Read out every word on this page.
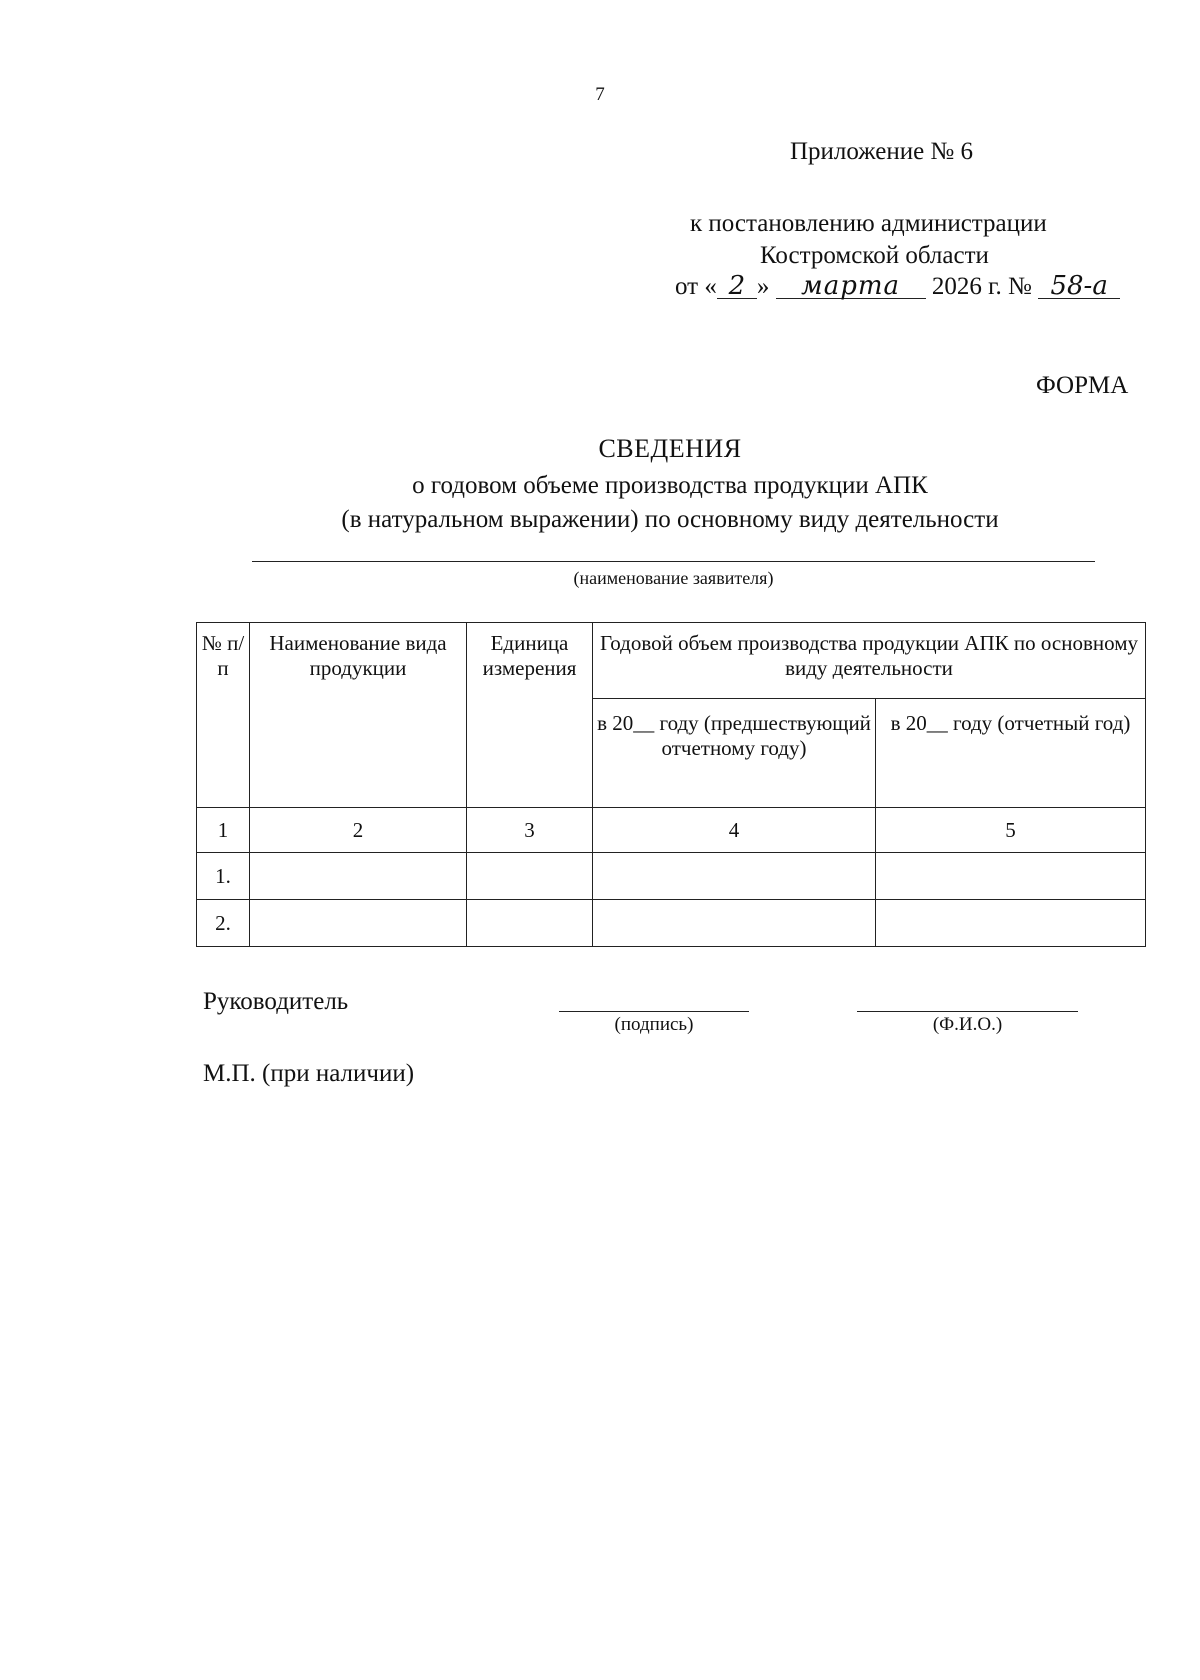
7
Приложение № 6
к постановлению администрации
Костромской области
от « 2 » марта 2026 г. № 58-а
ФОРМА
СВЕДЕНИЯ
о годовом объеме производства продукции АПК
(в натуральном выражении) по основному виду деятельности
(наименование заявителя)
№ п/п	Наименование вида продукции	Единица измерения	Годовой объем производства продукции АПК по основному виду деятельности	
			в 20__ году (предшествующий отчетному году)	в 20__ году (отчетный год)
1	2	3	4	5
1.				
2.				
Руководитель
(подпись)	(Ф.И.О.)
М.П. (при наличии)
